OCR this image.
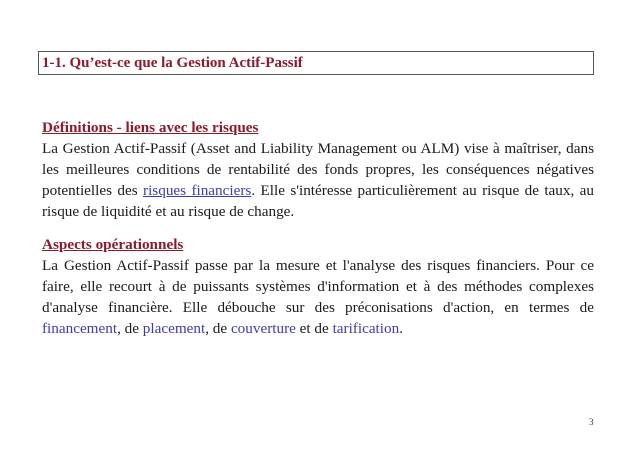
1-1. Qu’est-ce que la Gestion Actif-Passif
Définitions - liens avec les risques
La Gestion Actif-Passif (Asset and Liability Management ou ALM) vise à maîtriser, dans les meilleures conditions de rentabilité des fonds propres, les conséquences négatives potentielles des risques financiers. Elle s'intéresse particulièrement au risque de taux, au risque de liquidité et au risque de change.
Aspects opérationnels
La Gestion Actif-Passif passe par la mesure et l'analyse des risques financiers. Pour ce faire, elle recourt à de puissants systèmes d'information et à des méthodes complexes d'analyse financière. Elle débouche sur des préconisations d'action, en termes de financement, de placement, de couverture et de tarification.
3
